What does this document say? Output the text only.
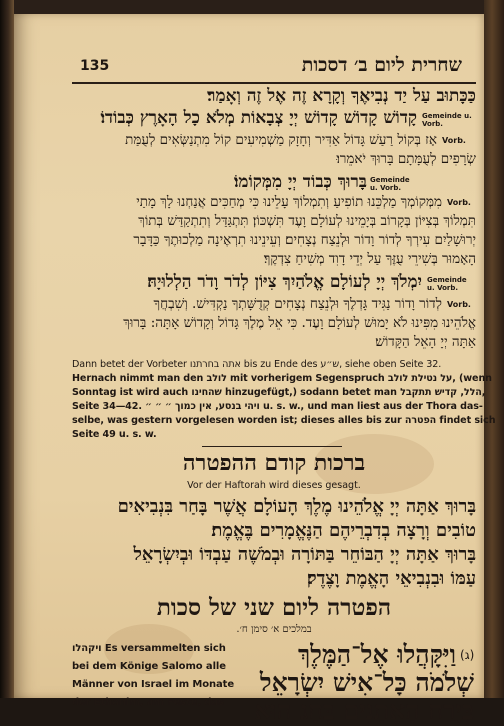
135	שחרית ליום ב׳ דסכות
כַּכָּתוּב עַל יַד נְבִיאֶךָ וְקָרָא זֶה אֶל זֶה וְאָמַר׃
Gemeinde u. Vorb.
קָדוֹשׁ קָדוֹשׁ קָדוֹשׁ יְיָ צְבָאוֹת מְלֹא כָל הָאָרֶץ כְּבוֹדוֹ׃
Vorb.
אָז בְּקוֹל רַעַשׁ גָּדוֹל אַדִּיר וְחָזָק מַשְׁמִיעִים קוֹל מִתְנַשְּׂאִים לְעֻמַּת
שְׂרָפִים לְעֻמָּתָם בָּרוּךְ יֹאמֵרוּ׃
Gemeinde u. Vorb.
בָּרוּךְ כְּבוֹד יְיָ מִמְּקוֹמוֹ׃
Vorb.
מִמְּקוֹמְךָ מַלְכֵּנוּ תוֹפִיעַ וְתִמְלוֹךְ עָלֵינוּ כִּי מְחַכִּים אֲנַחְנוּ לָךְ מָתַי
תִּמְלוֹךְ בְּצִיּוֹן בְּקָרוֹב בְּיָמֵינוּ לְעוֹלָם וָעֶד תִּשְׁכּוֹן׃ תִּתְגַּדַּל וְתִתְקַדַּשׁ בְּתוֹךְ
יְרוּשָׁלַיִם עִירְךָ לְדוֹר וָדוֹר וּלְנֵצַח נְצָחִים׃ וְעֵינֵינוּ תִרְאֶינָה מַלְכוּתֶךָ כַּדָּבָר
הָאָמוּר בְּשִׁירֵי עֻזֶּךָ עַל יְדֵי דָוִד מְשִׁיחַ צִדְקֶךָ׃
Gemeinde u. Vorb.
יִמְלֹךְ יְיָ לְעוֹלָם אֱלֹהַיִךְ צִיּוֹן לְדֹר וָדֹר הַלְלוּיָהּ׃
Vorb.
לְדוֹר וָדוֹר נַגִּיד גָּדְלֶךָ וּלְנֵצַח נְצָחִים קְדֻשָּׁתְךָ נַקְדִּישׁ. וְשִׁבְחֲךָ
אֱלֹהֵינוּ מִפִּינוּ לֹא יָמוּשׁ לְעוֹלָם וָעֶד. כִּי אֵל מֶלֶךְ גָּדוֹל וְקָדוֹשׁ אָתָּה: בָּרוּךְ
אַתָּה יְיָ הָאֵל הַקָּדוֹשׁ׃
Dann betet der Vorbeter אתה בחרתנו bis zu Ende des ש״ע, siehe oben Seite 32.
Hernach nimmt man den לולב mit vorherigem Segenspruch על נטילת לולב, (wenn
Sonntag ist wird auch שהחינו hinzugefügt,) sodann betet man הלל, קדיש תתקבל,
Seite 34—42. ויהי בנסע, אין כמוך ״ ״ ״ u. s. w., und man liest aus der Thora das-
selbe, was gestern vorgelesen worden ist; dieses alles bis zur הפטרה findet sich
Seite 49 u. s. w.
ברכות קודם ההפטרה
Vor der Haftorah wird dieses gesagt.
בָּרוּךְ אַתָּה יְיָ אֱלֹהֵינוּ מֶלֶךְ הָעוֹלָם אֲשֶׁר בָּחַר בִּנְבִיאִים
טוֹבִים וְרָצָה בְדִבְרֵיהֶם הַנֶּאֱמָרִים בֶּאֱמֶת׃
בָּרוּךְ אַתָּה יְיָ הַבּוֹחֵר בַּתּוֹרָה וּבְמֹשֶׁה עַבְדּוֹ וּבְיִשְׂרָאֵל
עַמּוֹ וּבִנְבִיאֵי הָאֱמֶת וָצֶדֶק׃
הפטרה ליום שני של סכות
במלכים א׳ סימן ח׳.
ויקהלו Es versammelten sich
bei dem Könige Salomo alle
Männer von Israel im Monate
der Ethanim, am Feste, das
(ג)
וַיִּקָּהֲלוּ אֶל־הַמֶּלֶךְ
שְׁלֹמֹה כָּל־אִישׁ יִשְׂרָאֵל
בְּיֶרַח הָאֵתָנִים בֶּחָג הוּא
